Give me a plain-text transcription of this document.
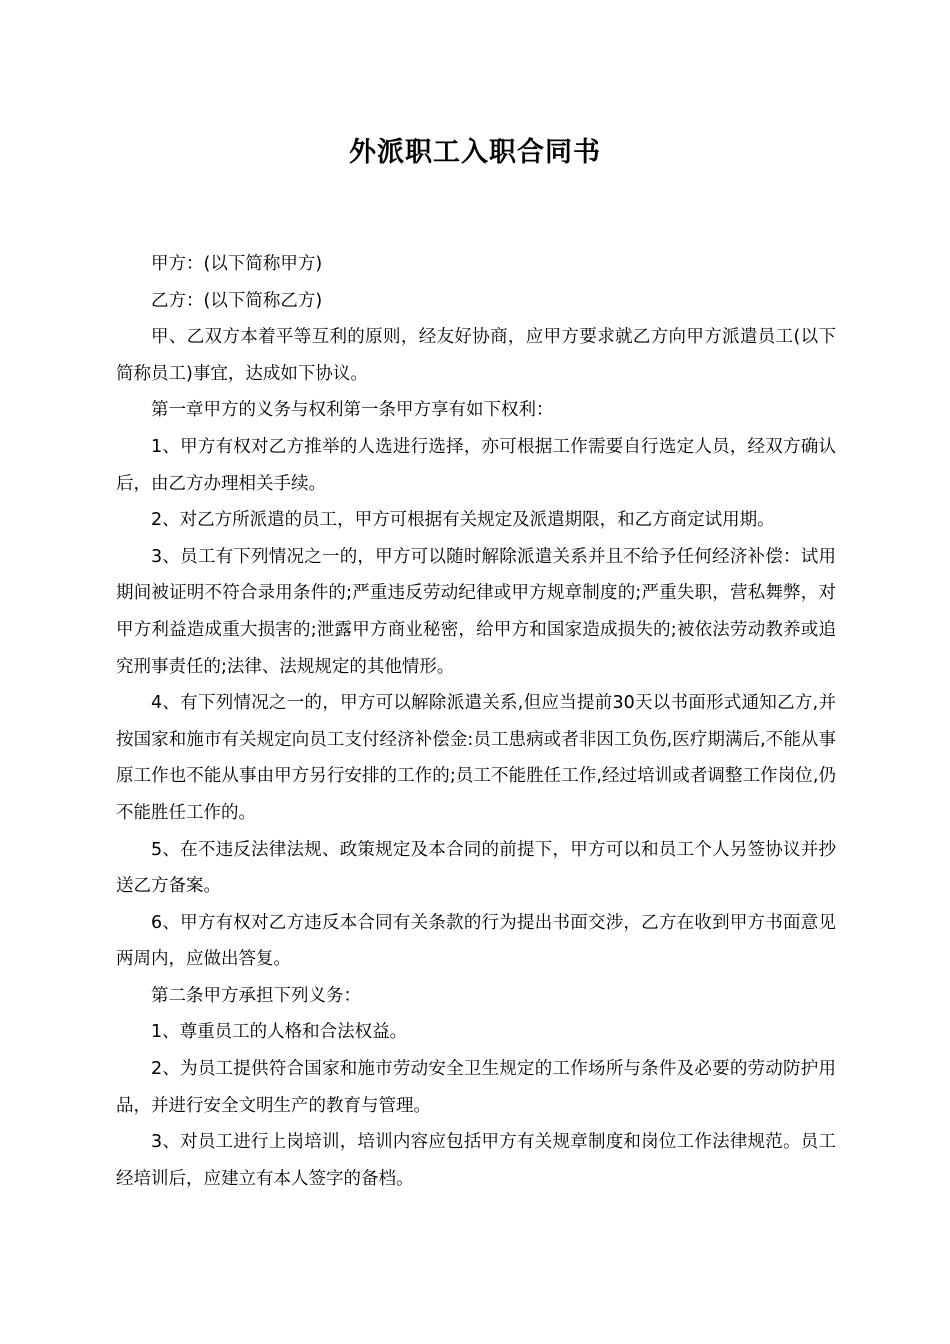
外派职工入职合同书

甲方：(以下简称甲方)

乙方：(以下简称乙方)

甲、乙双方本着平等互利的原则，经友好协商，应甲方要求就乙方向甲方派遣员工(以下简称员工)事宜，达成如下协议。

第一章甲方的义务与权利第一条甲方享有如下权利：

1、甲方有权对乙方推举的人选进行选择，亦可根据工作需要自行选定人员，经双方确认后，由乙方办理相关手续。

2、对乙方所派遣的员工，甲方可根据有关规定及派遣期限，和乙方商定试用期。

3、员工有下列情况之一的，甲方可以随时解除派遣关系并且不给予任何经济补偿：试用期间被证明不符合录用条件的;严重违反劳动纪律或甲方规章制度的;严重失职，营私舞弊，对甲方利益造成重大损害的;泄露甲方商业秘密，给甲方和国家造成损失的;被依法劳动教养或追究刑事责任的;法律、法规规定的其他情形。

4、有下列情况之一的，甲方可以解除派遣关系,但应当提前30天以书面形式通知乙方,并按国家和施市有关规定向员工支付经济补偿金:员工患病或者非因工负伤,医疗期满后,不能从事原工作也不能从事由甲方另行安排的工作的;员工不能胜任工作,经过培训或者调整工作岗位,仍不能胜任工作的。

5、在不违反法律法规、政策规定及本合同的前提下，甲方可以和员工个人另签协议并抄送乙方备案。

6、甲方有权对乙方违反本合同有关条款的行为提出书面交涉，乙方在收到甲方书面意见两周内，应做出答复。

第二条甲方承担下列义务：

1、尊重员工的人格和合法权益。

2、为员工提供符合国家和施市劳动安全卫生规定的工作场所与条件及必要的劳动防护用品，并进行安全文明生产的教育与管理。

3、对员工进行上岗培训，培训内容应包括甲方有关规章制度和岗位工作法律规范。员工经培训后，应建立有本人签字的备档。
